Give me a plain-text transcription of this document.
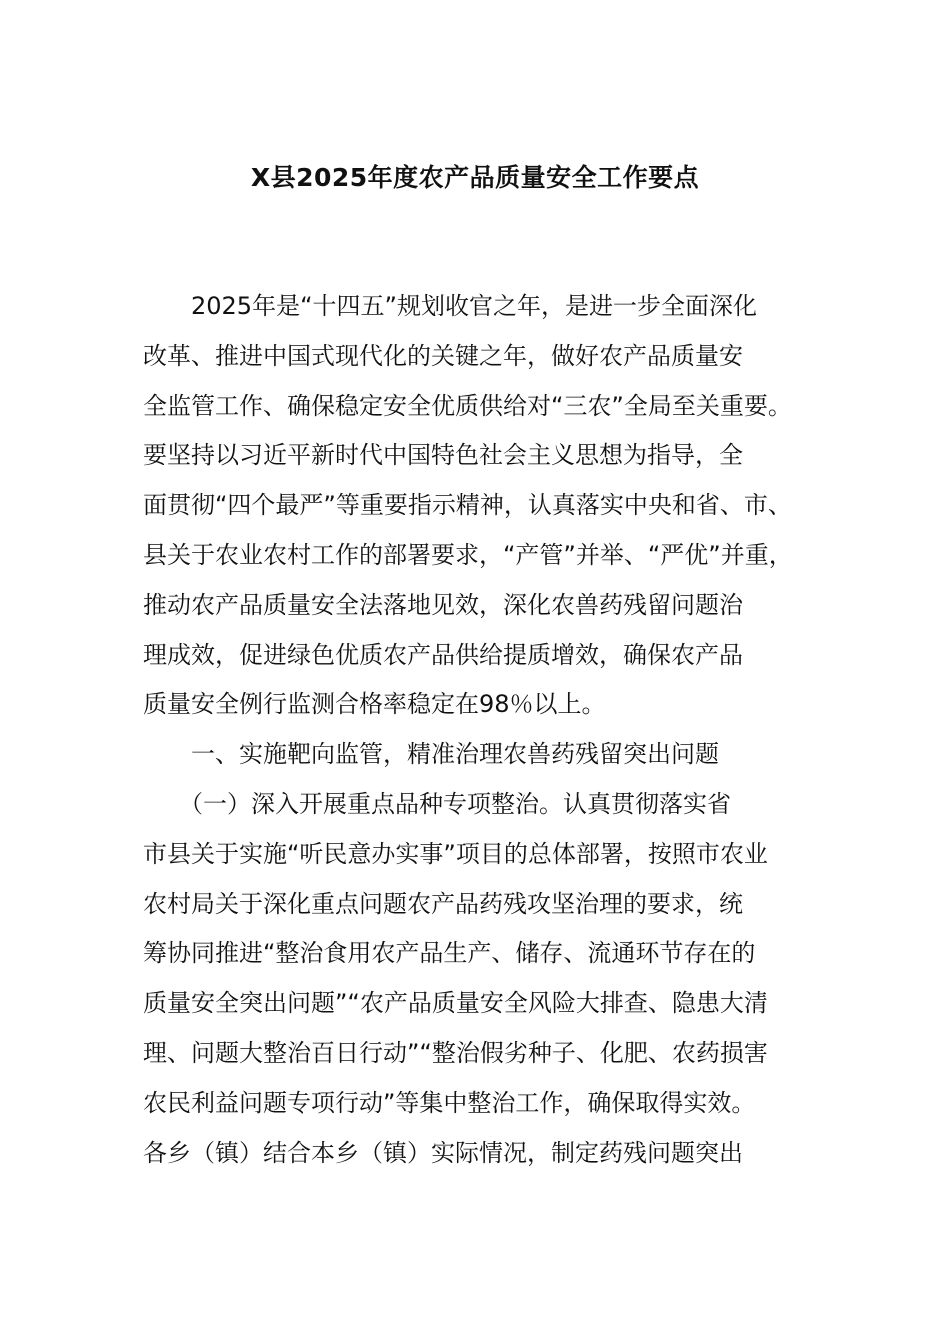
X县2025年度农产品质量安全工作要点
　　2025年是“十四五”规划收官之年，是进一步全面深化
改革、推进中国式现代化的关键之年，做好农产品质量安
全监管工作、确保稳定安全优质供给对“三农”全局至关重要。
要坚持以习近平新时代中国特色社会主义思想为指导，全
面贯彻“四个最严”等重要指示精神，认真落实中央和省、市、
县关于农业农村工作的部署要求，“产管”并举、“严优”并重，
推动农产品质量安全法落地见效，深化农兽药残留问题治
理成效，促进绿色优质农产品供给提质增效，确保农产品
质量安全例行监测合格率稳定在98％以上。
　　一、实施靶向监管，精准治理农兽药残留突出问题
　　（一）深入开展重点品种专项整治。认真贯彻落实省
市县关于实施“听民意办实事”项目的总体部署，按照市农业
农村局关于深化重点问题农产品药残攻坚治理的要求，统
筹协同推进“整治食用农产品生产、储存、流通环节存在的
质量安全突出问题”“农产品质量安全风险大排查、隐患大清
理、问题大整治百日行动”“整治假劣种子、化肥、农药损害
农民利益问题专项行动”等集中整治工作，确保取得实效。
各乡（镇）结合本乡（镇）实际情况，制定药残问题突出
